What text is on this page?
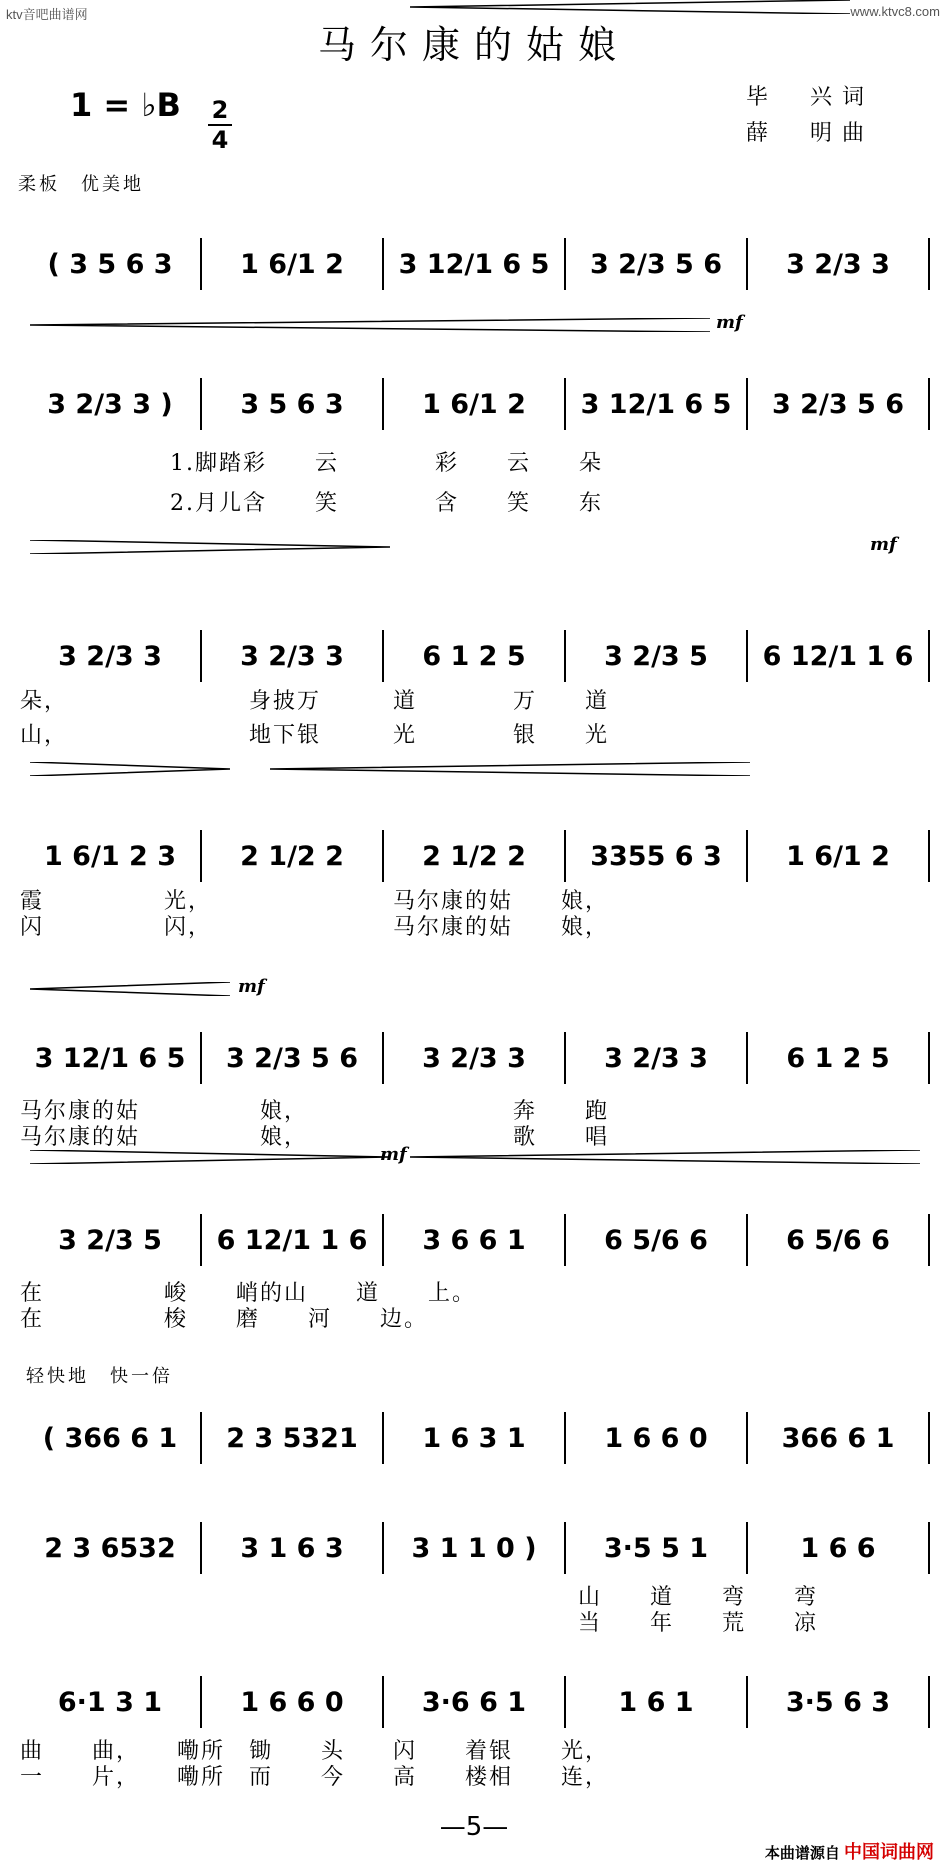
ktv音吧曲谱网	www.ktvc8.com
马尔康的姑娘
1 = ♭B 2
4
毕　兴词
薛　明曲
柔板　优美地
mf
mf
mf
mf
( 3 5 6 3	1 6/1 2	3 12/1 6 5	3 2/3 5 6	3 2/3 3
3 2/3 3 )	3 5 6 3	1 6/1 2	3 12/1 6 5	3 2/3 5 6
1.脚踏彩　　云　　　　彩　　云　　朵
2.月儿含　　笑　　　　含　　笑　　东
3 2/3 3	3 2/3 3	6 1 2 5	3 2/3 5	6 12/1 1 6
朵，　　　　　　　　身披万　　　道　　　　万　　道
山，　　　　　　　　地下银　　　光　　　　银　　光
1 6/1 2 3	2 1/2 2	2 1/2 2	3355 6 3	1 6/1 2
霞　　　　　光，　　　　　　　　马尔康的姑　　娘，
闪　　　　　闪，　　　　　　　　马尔康的姑　　娘，
3 12/1 6 5	3 2/3 5 6	3 2/3 3	3 2/3 3	6 1 2 5
马尔康的姑　　　　　娘，　　　　　　　　　奔　　跑
马尔康的姑　　　　　娘，　　　　　　　　　歌　　唱
3 2/3 5	6 12/1 1 6	3 6 6 1	6 5/6 6	6 5/6 6
在　　　　　峻　　峭的山　　道　　上。
在　　　　　梭　　磨　　河　　边。
轻快地　快一倍
( 366 6 1	2 3 5321	1 6 3 1	1 6 6 0	366 6 1
2 3 6532	3 1 6 3	3 1 1 0 )	3·5 5 1	1 6 6
山　　道　　弯　　弯
当　　年　　荒　　凉
6·1 3 1	1 6 6 0	3·6 6 1	1 6 1	3·5 6 3
曲　　曲，　　嘞所　锄　　头　　闪　　着银　　光，
一　　片，　　嘞所　而　　今　　高　　楼相　　连，
—5—
本曲谱源自 中国词曲网
